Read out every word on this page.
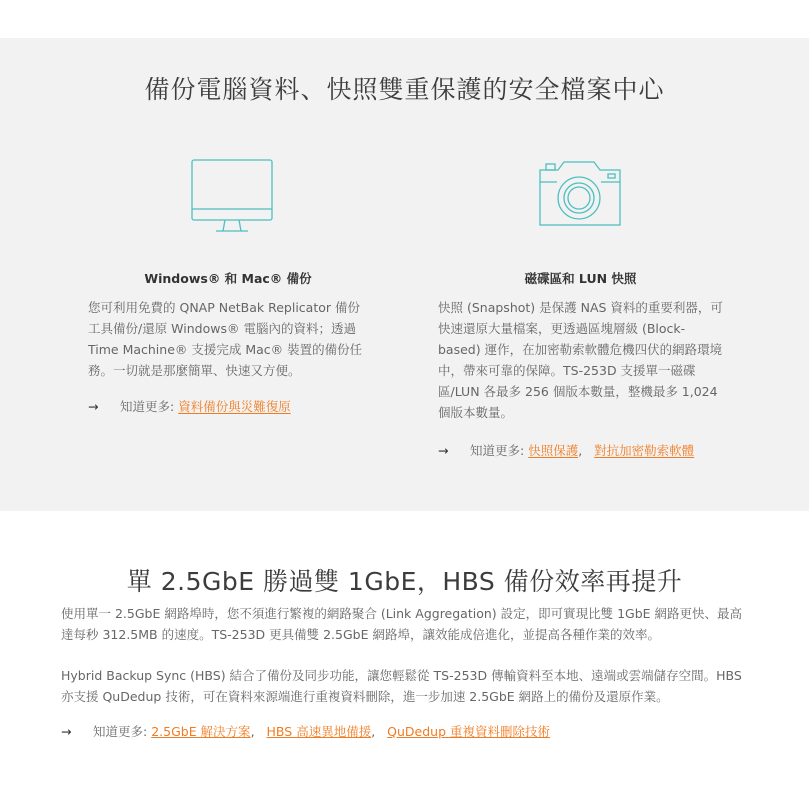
備份電腦資料、快照雙重保護的安全檔案中心
Windows® 和 Mac® 備份

您可利用免費的 QNAP NetBak Replicator 備份工具備份/還原 Windows® 電腦內的資料；透過 Time Machine® 支援完成 Mac® 裝置的備份任務。一切就是那麼簡單、快速又方便。

→ 知道更多: 資料備份與災難復原
磁碟區和 LUN 快照

快照 (Snapshot) 是保護 NAS 資料的重要利器，可快速還原大量檔案，更透過區塊層級 (Block-based) 運作，在加密勒索軟體危機四伏的網路環境中，帶來可靠的保障。TS-253D 支援單一磁碟區/LUN 各最多 256 個版本數量，整機最多 1,024 個版本數量。

→ 知道更多: 快照保護, 對抗加密勒索軟體
單 2.5GbE 勝過雙 1GbE，HBS 備份效率再提升

使用單一 2.5GbE 網路埠時，您不須進行繁複的網路聚合 (Link Aggregation) 設定，即可實現比雙 1GbE 網路更快、最高達每秒 312.5MB 的速度。TS-253D 更具備雙 2.5GbE 網路埠，讓效能成倍進化，並提高各種作業的效率。

Hybrid Backup Sync (HBS) 結合了備份及同步功能，讓您輕鬆從 TS-253D 傳輸資料至本地、遠端或雲端儲存空間。HBS 亦支援 QuDedup 技術，可在資料來源端進行重複資料刪除，進一步加速 2.5GbE 網路上的備份及還原作業。

→ 知道更多: 2.5GbE 解決方案, HBS 高速異地備援, QuDedup 重複資料刪除技術
